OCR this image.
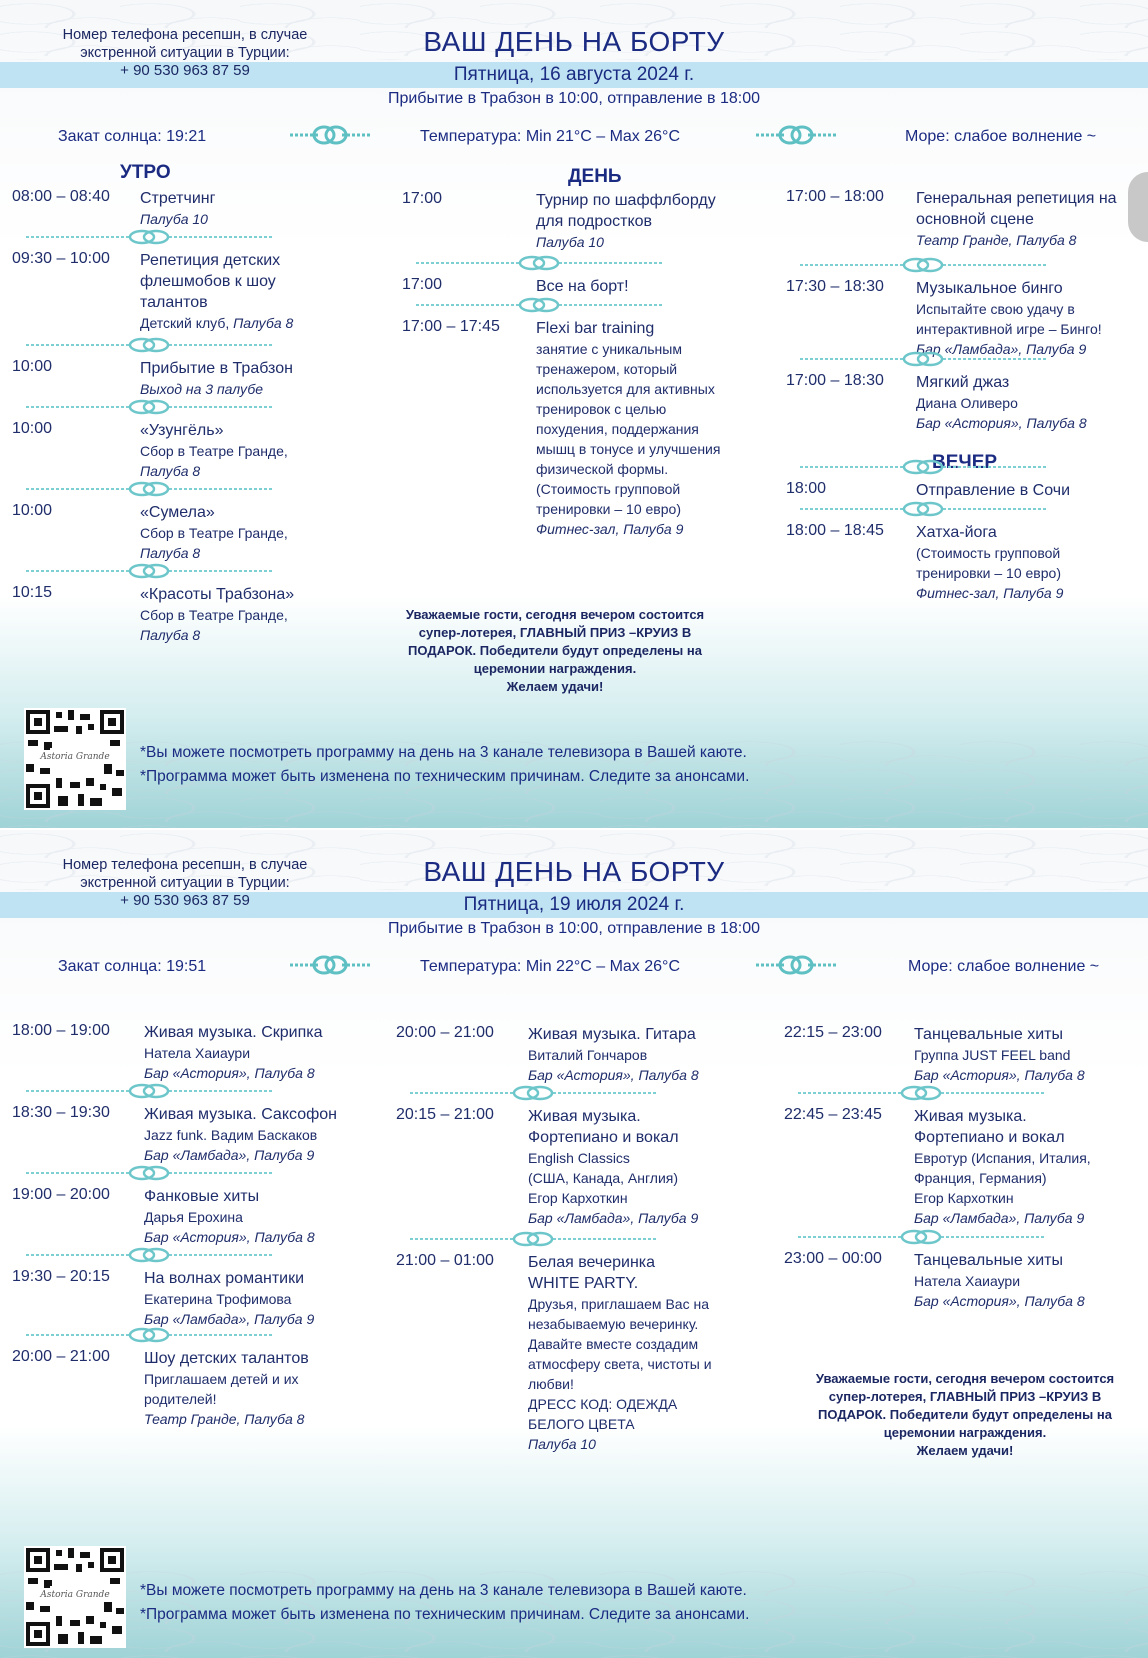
Номер телефона ресепшн, в случае
экстренной ситуации в Турции:
+ 90 530 963 87 59
ВАШ ДЕНЬ НА БОРТУ
Пятница, 16 августа 2024 г.
Прибытие в Трабзон в 10:00, отправление в 18:00
Закат солнца: 19:21	Температура: Min 21°C – Max 26°C	Море: слабое волнение ~
УТРО	ДЕНЬ
ВЕЧЕР
08:00 – 08:40 Стретчинг
Палуба 10
09:30 – 10:00 Репетиция детских
флешмобов к шоу
талантов
Детский клуб, Палуба 8
10:00	Прибытие в Трабзон
Выход на 3 палубе
10:00	«Узунгёль»
Сбор в Театре Гранде,
Палуба 8
10:00	«Сумела»
Сбор в Театре Гранде,
Палуба 8
10:15	«Красоты Трабзона»
Сбор в Театре Гранде,
Палуба 8
17:00	Турнир по шаффлборду
для подростков
Палуба 10
17:00	Все на борт!
17:00 – 17:45 Flexi bar training
занятие с уникальным
тренажером, который
используется для активных
тренировок с целью
похудения, поддержания
мышц в тонусе и улучшения
физической формы.
(Стоимость групповой
тренировки – 10 евро)
Фитнес-зал, Палуба 9
17:00 – 18:00 Генеральная репетиция на
основной сцене
Театр Гранде, Палуба 8
17:30 – 18:30 Музыкальное бинго
Испытайте свою удачу в
интерактивной игре – Бинго!
Бар «Ламбада», Палуба 9
17:00 – 18:30 Мягкий джаз
Диана Оливеро
Бар «Астория», Палуба 8
18:00	Отправление в Сочи
18:00 – 18:45 Хатха-йога
(Стоимость групповой
тренировки – 10 евро)
Фитнес-зал, Палуба 9
Уважаемые гости, сегодня вечером состоится
супер-лотерея, ГЛАВНЫЙ ПРИЗ –КРУИЗ В
ПОДАРОК. Победители будут определены на
церемонии награждения.
Желаем удачи!
Astoria Grande	*Вы можете посмотреть программу на день на 3 канале телевизора в Вашей каюте.
*Программа может быть изменена по техническим причинам. Следите за анонсами.
Номер телефона ресепшн, в случае
экстренной ситуации в Турции:
+ 90 530 963 87 59
ВАШ ДЕНЬ НА БОРТУ
Пятница, 19 июля 2024 г.
Прибытие в Трабзон в 10:00, отправление в 18:00
Закат солнца: 19:51	Температура: Min 22°C – Max 26°C	Море: слабое волнение ~
18:00 – 19:00 Живая музыка. Скрипка
Натела Хаиаури
Бар «Астория», Палуба 8
18:30 – 19:30 Живая музыка. Саксофон
Jazz funk. Вадим Баскаков
Бар «Ламбада», Палуба 9
19:00 – 20:00 Фанковые хиты
Дарья Ерохина
Бар «Астория», Палуба 8
19:30 – 20:15 На волнах романтики
Екатерина Трофимова
Бар «Ламбада», Палуба 9
20:00 – 21:00 Шоу детских талантов
Приглашаем детей и их
родителей!
Театр Гранде, Палуба 8
20:00 – 21:00 Живая музыка. Гитара
Виталий Гончаров
Бар «Астория», Палуба 8
20:15 – 21:00 Живая музыка.
Фортепиано и вокал
English Classics
(США, Канада, Англия)
Егор Кархоткин
Бар «Ламбада», Палуба 9
21:00 – 01:00 Белая вечеринка
WHITE PARTY.
Друзья, приглашаем Вас на
незабываемую вечеринку.
Давайте вместе создадим
атмосферу света, чистоты и
любви!
ДРЕСС КОД: ОДЕЖДА
БЕЛОГО ЦВЕТА
Палуба 10
22:15 – 23:00 Танцевальные хиты
Группа JUST FEEL band
Бар «Астория», Палуба 8
22:45 – 23:45 Живая музыка.
Фортепиано и вокал
Евротур (Испания, Италия,
Франция, Германия)
Егор Кархоткин
Бар «Ламбада», Палуба 9
23:00 – 00:00 Танцевальные хиты
Натела Хаиаури
Бар «Астория», Палуба 8
Уважаемые гости, сегодня вечером состоится
супер-лотерея, ГЛАВНЫЙ ПРИЗ –КРУИЗ В
ПОДАРОК. Победители будут определены на
церемонии награждения.
Желаем удачи!
Astoria Grande	*Вы можете посмотреть программу на день на 3 канале телевизора в Вашей каюте.
*Программа может быть изменена по техническим причинам. Следите за анонсами.
